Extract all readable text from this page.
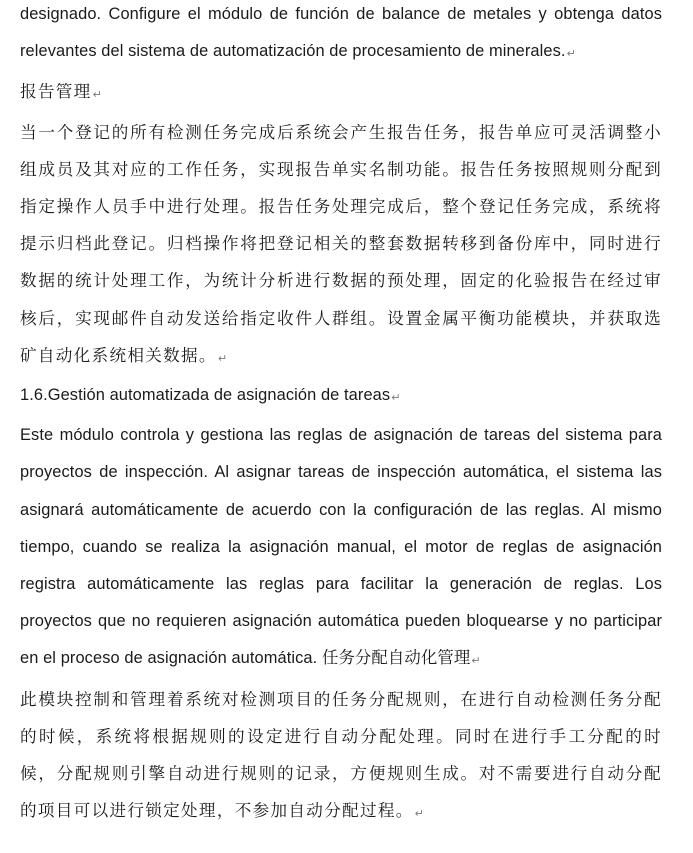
designado. Configure el módulo de función de balance de metales y obtenga datos relevantes del sistema de automatización de procesamiento de minerales.↵

报告管理↵

当一个登记的所有检测任务完成后系统会产生报告任务，报告单应可灵活调整小组成员及其对应的工作任务，实现报告单实名制功能。报告任务按照规则分配到指定操作人员手中进行处理。报告任务处理完成后，整个登记任务完成，系统将提示归档此登记。归档操作将把登记相关的整套数据转移到备份库中，同时进行数据的统计处理工作，为统计分析进行数据的预处理，固定的化验报告在经过审核后，实现邮件自动发送给指定收件人群组。设置金属平衡功能模块，并获取选矿自动化系统相关数据。↵

1.6.Gestión automatizada de asignación de tareas↵

Este módulo controla y gestiona las reglas de asignación de tareas del sistema para proyectos de inspección. Al asignar tareas de inspección automática, el sistema las asignará automáticamente de acuerdo con la configuración de las reglas. Al mismo tiempo, cuando se realiza la asignación manual, el motor de reglas de asignación registra automáticamente las reglas para facilitar la generación de reglas. Los proyectos que no requieren asignación automática pueden bloquearse y no participar en el proceso de asignación automática. 任务分配自动化管理↵

此模块控制和管理着系统对检测项目的任务分配规则，在进行自动检测任务分配的时候，系统将根据规则的设定进行自动分配处理。同时在进行手工分配的时候，分配规则引擎自动进行规则的记录，方便规则生成。对不需要进行自动分配的项目可以进行锁定处理，不参加自动分配过程。↵
